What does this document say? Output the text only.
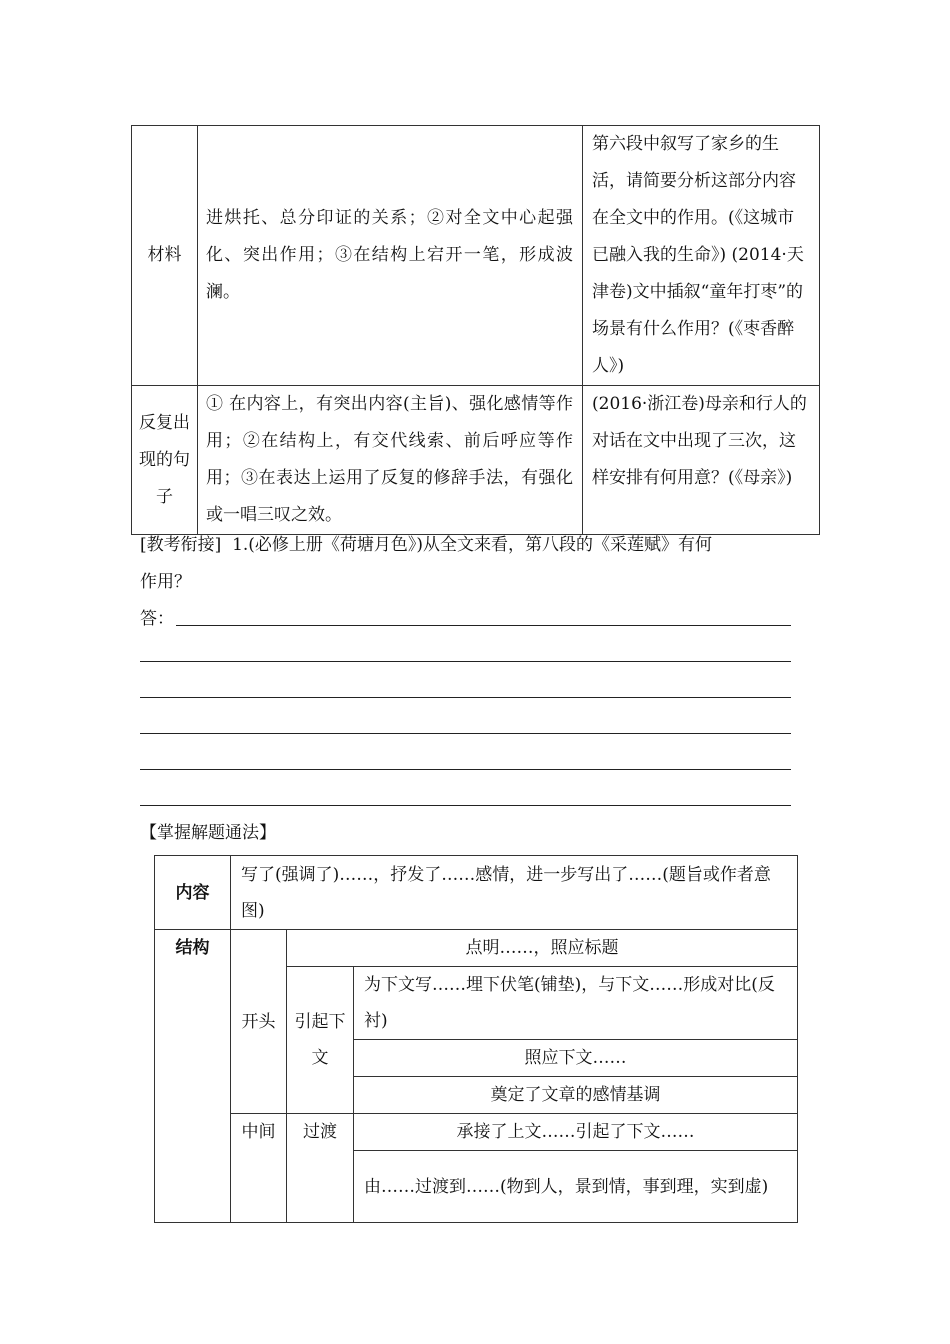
材料	进烘托、总分印证的关系；②对全文中心起强化、突出作用；③在结构上宕开一笔，形成波澜。	第六段中叙写了家乡的生活，请简要分析这部分内容在全文中的作用。(《这城市已融入我的生命》) (2014·天津卷)文中插叙“童年打枣”的场景有什么作用？(《枣香醉人》)
反复出现的句子	① 在内容上，有突出内容(主旨)、强化感情等作用；②在结构上，有交代线索、前后呼应等作用；③在表达上运用了反复的修辞手法，有强化或一唱三叹之效。	(2016·浙江卷)母亲和行人的对话在文中出现了三次，这样安排有何用意？(《母亲》)
[教考衔接] 1.(必修上册《荷塘月色》)从全文来看，第八段的《采莲赋》有何
作用？
答：
【掌握解题通法】
内容	写了(强调了)……，抒发了……感情，进一步写出了……(题旨或作者意图)		
结构	开头	点明……，照应标题	
		引起下文	为下文写……埋下伏笔(铺垫)，与下文……形成对比(反衬)
			照应下文……
			奠定了文章的感情基调
	中间	过渡	承接了上文……引起了下文……
			由……过渡到……(物到人，景到情，事到理，实到虚)
